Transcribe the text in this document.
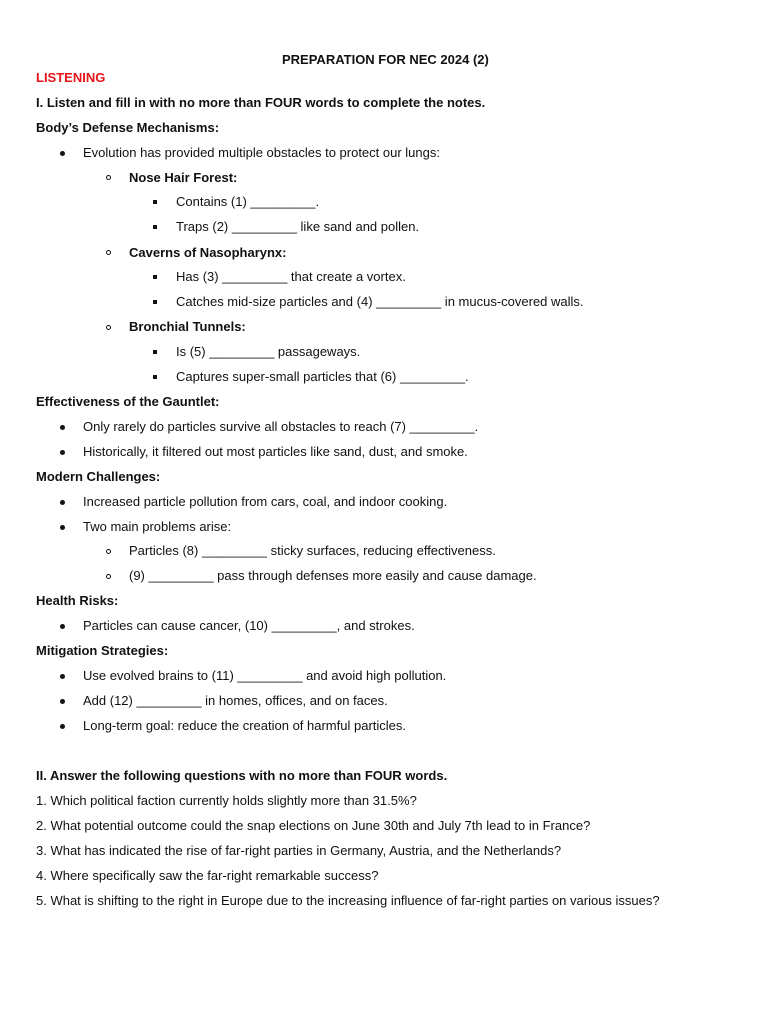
PREPARATION FOR NEC 2024 (2)
LISTENING
I. Listen and fill in with no more than FOUR words to complete the notes.
Body’s Defense Mechanisms:
Evolution has provided multiple obstacles to protect our lungs:
Nose Hair Forest:
Contains (1) _________.
Traps (2) _________ like sand and pollen.
Caverns of Nasopharynx:
Has (3) _________ that create a vortex.
Catches mid-size particles and (4) _________ in mucus-covered walls.
Bronchial Tunnels:
Is (5) _________ passageways.
Captures super-small particles that (6) _________.
Effectiveness of the Gauntlet:
Only rarely do particles survive all obstacles to reach (7) _________.
Historically, it filtered out most particles like sand, dust, and smoke.
Modern Challenges:
Increased particle pollution from cars, coal, and indoor cooking.
Two main problems arise:
Particles (8) _________ sticky surfaces, reducing effectiveness.
(9) _________ pass through defenses more easily and cause damage.
Health Risks:
Particles can cause cancer, (10) _________, and strokes.
Mitigation Strategies:
Use evolved brains to (11) _________ and avoid high pollution.
Add (12) _________ in homes, offices, and on faces.
Long-term goal: reduce the creation of harmful particles.
II. Answer the following questions with no more than FOUR words.
1. Which political faction currently holds slightly more than 31.5%?
2. What potential outcome could the snap elections on June 30th and July 7th lead to in France?
3. What has indicated the rise of far-right parties in Germany, Austria, and the Netherlands?
4. Where specifically saw the far-right remarkable success?
5. What is shifting to the right in Europe due to the increasing influence of far-right parties on various issues?
